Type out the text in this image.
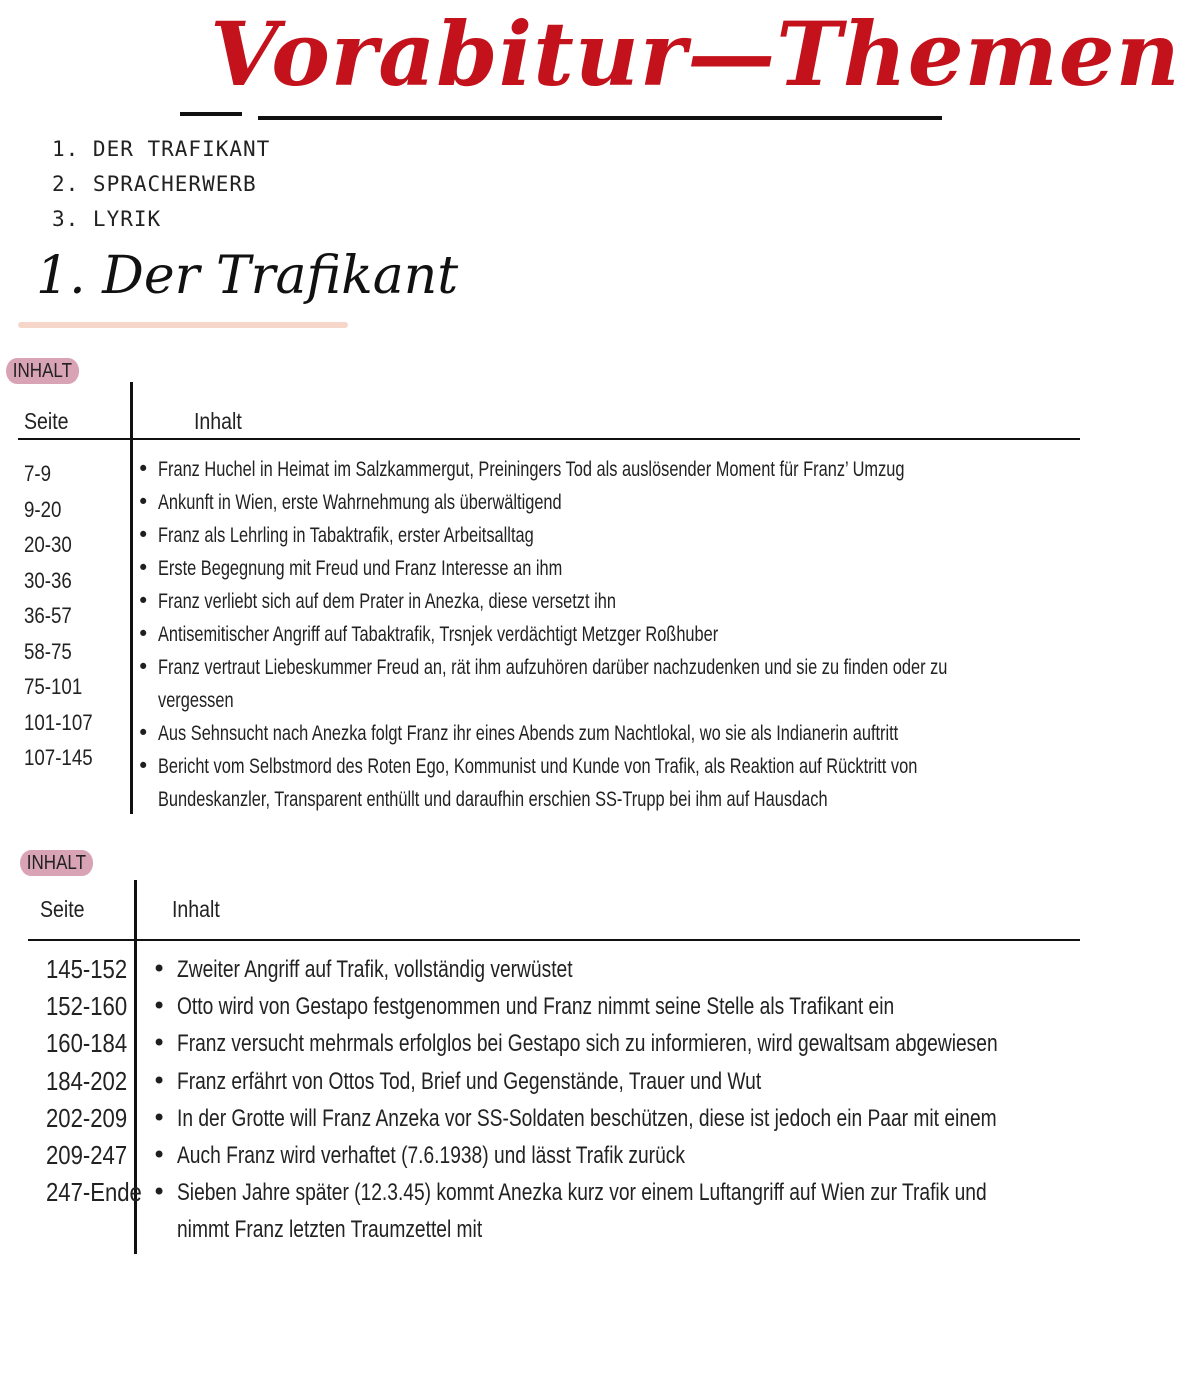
Vorabitur—Themen
1. DER TRAFIKANT
2. SPRACHERWERB
3. LYRIK
1. Der Trafikant
INHALT
Seite	Inhalt
7-9
9-20
20-30
30-36
36-57
58-75
75-101
101-107
107-145
• Franz Huchel in Heimat im Salzkammergut, Preiningers Tod als auslösender Moment für Franz’ Umzug
• Ankunft in Wien, erste Wahrnehmung als überwältigend
• Franz als Lehrling in Tabaktrafik, erster Arbeitsalltag
• Erste Begegnung mit Freud und Franz Interesse an ihm
• Franz verliebt sich auf dem Prater in Anezka, diese versetzt ihn
• Antisemitischer Angriff auf Tabaktrafik, Trsnjek verdächtigt Metzger Roßhuber
• Franz vertraut Liebeskummer Freud an, rät ihm aufzuhören darüber nachzudenken und sie zu finden oder zu
vergessen
• Aus Sehnsucht nach Anezka folgt Franz ihr eines Abends zum Nachtlokal, wo sie als Indianerin auftritt
• Bericht vom Selbstmord des Roten Ego, Kommunist und Kunde von Trafik, als Reaktion auf Rücktritt von
Bundeskanzler, Transparent enthüllt und daraufhin erschien SS-Trupp bei ihm auf Hausdach
INHALT
Seite	Inhalt
145-152
152-160
160-184
184-202
202-209
209-247
247-Ende
• Zweiter Angriff auf Trafik, vollständig verwüstet
• Otto wird von Gestapo festgenommen und Franz nimmt seine Stelle als Trafikant ein
• Franz versucht mehrmals erfolglos bei Gestapo sich zu informieren, wird gewaltsam abgewiesen
• Franz erfährt von Ottos Tod, Brief und Gegenstände, Trauer und Wut
• In der Grotte will Franz Anzeka vor SS-Soldaten beschützen, diese ist jedoch ein Paar mit einem
• Auch Franz wird verhaftet (7.6.1938) und lässt Trafik zurück
• Sieben Jahre später (12.3.45) kommt Anezka kurz vor einem Luftangriff auf Wien zur Trafik und
nimmt Franz letzten Traumzettel mit
